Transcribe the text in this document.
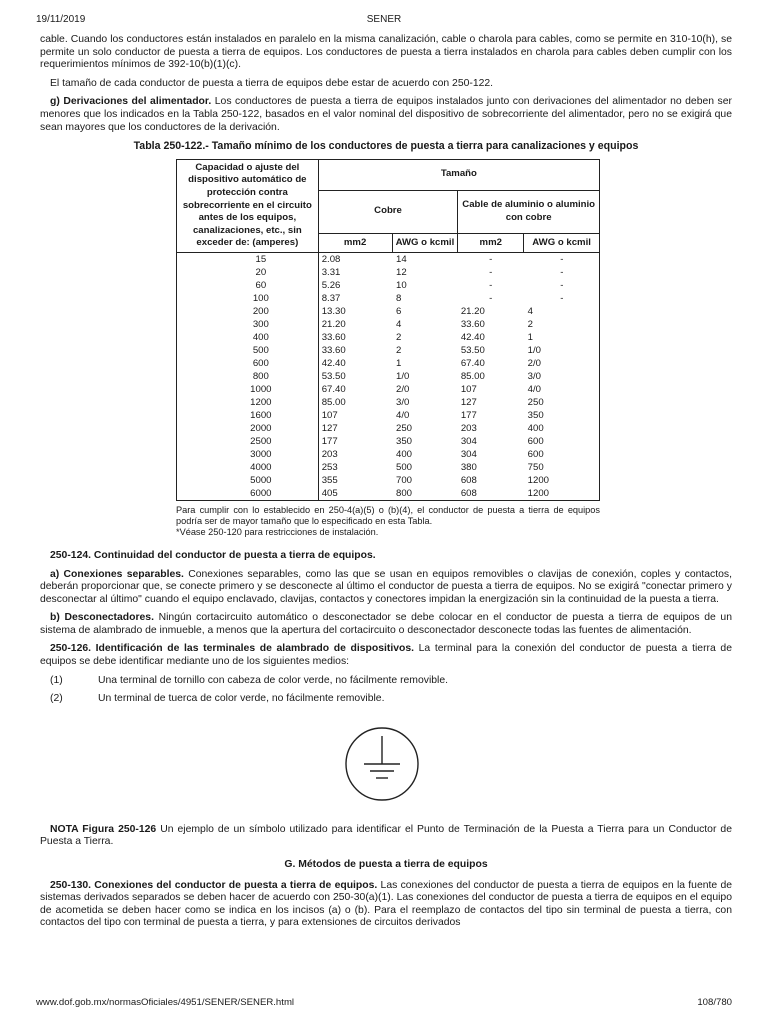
19/11/2019	SENER

cable. Cuando los conductores están instalados en paralelo en la misma canalización, cable o charola para cables, como se permite en 310-10(h), se permite un solo conductor de puesta a tierra de equipos. Los conductores de puesta a tierra instalados en charola para cables deben cumplir con los requerimientos mínimos de 392-10(b)(1)(c).

El tamaño de cada conductor de puesta a tierra de equipos debe estar de acuerdo con 250-122.

g) Derivaciones del alimentador. Los conductores de puesta a tierra de equipos instalados junto con derivaciones del alimentador no deben ser menores que los indicados en la Tabla 250-122, basados en el valor nominal del dispositivo de sobrecorriente del alimentador, pero no se exigirá que sean mayores que los conductores de la derivación.

Tabla 250-122.- Tamaño mínimo de los conductores de puesta a tierra para canalizaciones y equipos
Capacidad o ajuste del dispositivo automático de protección contra sobrecorriente en el circuito antes de los equipos, canalizaciones, etc., sin exceder de: (amperes)	Tamaño			
	Cobre		Cable de aluminio o aluminio con cobre	
	mm2	AWG o kcmil	mm2	AWG o kcmil
15	2.08	14	-	-
20	3.31	12	-	-
60	5.26	10	-	-
100	8.37	8	-	-
200	13.30	6	21.20	4
300	21.20	4	33.60	2
400	33.60	2	42.40	1
500	33.60	2	53.50	1/0
600	42.40	1	67.40	2/0
800	53.50	1/0	85.00	3/0
1000	67.40	2/0	107	4/0
1200	85.00	3/0	127	250
1600	107	4/0	177	350
2000	127	250	203	400
2500	177	350	304	600
3000	203	400	304	600
4000	253	500	380	750
5000	355	700	608	1200
6000	405	800	608	1200
Para cumplir con lo establecido en 250-4(a)(5) o (b)(4), el conductor de puesta a tierra de equipos podría ser de mayor tamaño que lo especificado en esta Tabla.
*Véase 250-120 para restricciones de instalación.

250-124. Continuidad del conductor de puesta a tierra de equipos.

a) Conexiones separables. Conexiones separables, como las que se usan en equipos removibles o clavijas de conexión, coples y contactos, deberán proporcionar que, se conecte primero y se desconecte al último el conductor de puesta a tierra de equipos. No se exigirá "conectar primero y desconectar al último" cuando el equipo enclavado, clavijas, contactos y conectores impidan la energización sin la continuidad de la puesta a tierra.

b) Desconectadores. Ningún cortacircuito automático o desconectador se debe colocar en el conductor de puesta a tierra de equipos de un sistema de alambrado de inmueble, a menos que la apertura del cortacircuito o desconectador desconecte todas las fuentes de alimentación.

250-126. Identificación de las terminales de alambrado de dispositivos. La terminal para la conexión del conductor de puesta a tierra de equipos se debe identificar mediante uno de los siguientes medios:

(1)	Una terminal de tornillo con cabeza de color verde, no fácilmente removible.
(2)	Un terminal de tuerca de color verde, no fácilmente removible.

NOTA Figura 250-126 Un ejemplo de un símbolo utilizado para identificar el Punto de Terminación de la Puesta a Tierra para un Conductor de Puesta a Tierra.

G. Métodos de puesta a tierra de equipos

250-130. Conexiones del conductor de puesta a tierra de equipos. Las conexiones del conductor de puesta a tierra de equipos en la fuente de sistemas derivados separados se deben hacer de acuerdo con 250-30(a)(1). Las conexiones del conductor de puesta a tierra de equipos en el equipo de acometida se deben hacer como se indica en los incisos (a) o (b). Para el reemplazo de contactos del tipo sin terminal de puesta a tierra, con contactos del tipo con terminal de puesta a tierra, y para extensiones de circuitos derivados

www.dof.gob.mx/normasOficiales/4951/SENER/SENER.html	108/780
